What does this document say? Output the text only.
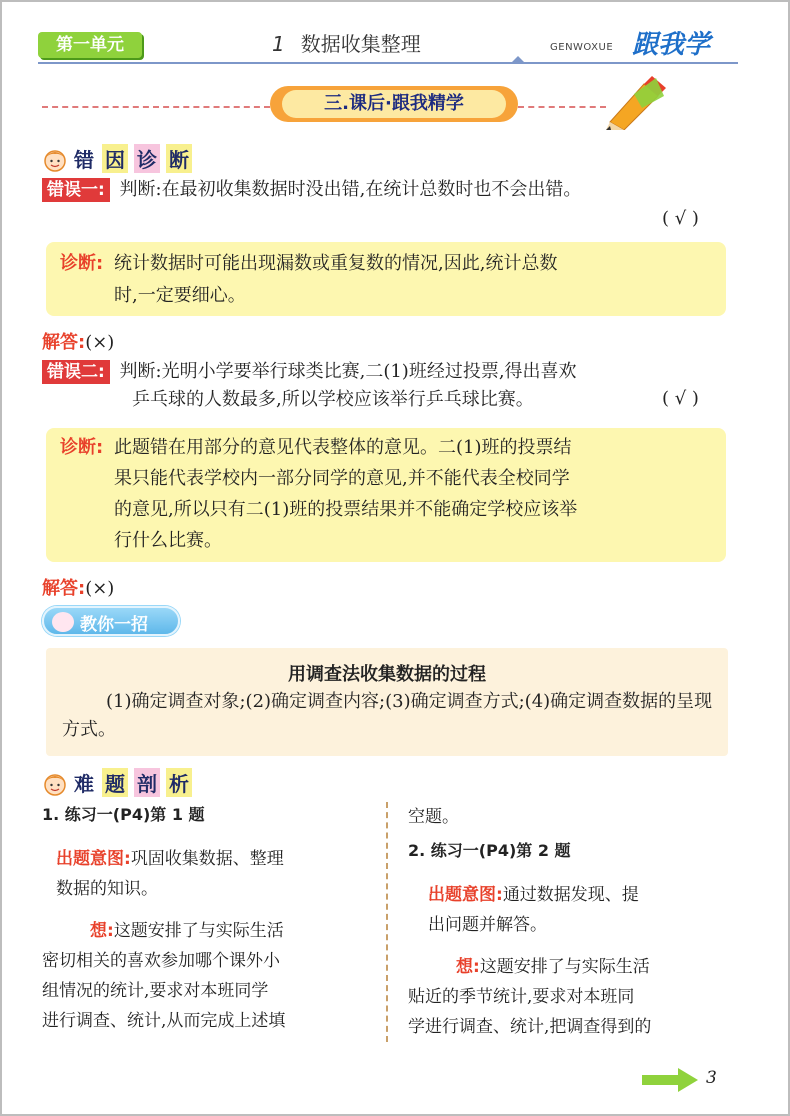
第一单元	1 数据收集整理	GENWOXUE 跟我学
三.课后·跟我精学
错 因 诊 断
错误一: 判断:在最初收集数据时没出错,在统计总数时也不会出错。
( √ )
诊断: 统计数据时可能出现漏数或重复数的情况,因此,统计总数
时,一定要细心。
解答:(×)
错误二: 判断:光明小学要举行球类比赛,二(1)班经过投票,得出喜欢
乒乓球的人数最多,所以学校应该举行乒乓球比赛。	( √ )
诊断: 此题错在用部分的意见代表整体的意见。二(1)班的投票结
果只能代表学校内一部分同学的意见,并不能代表全校同学
的意见,所以只有二(1)班的投票结果并不能确定学校应该举
行什么比赛。
解答:(×)
教你一招
用调查法收集数据的过程
(1)确定调查对象;(2)确定调查内容;(3)确定调查方式;(4)确定调查数据的呈现方式。
难 题 剖 析
1. 练习一(P4)第 1 题
出题意图:巩固收集数据、整理
数据的知识。
想:这题安排了与实际生活
密切相关的喜欢参加哪个课外小
组情况的统计,要求对本班同学
进行调查、统计,从而完成上述填
空题。
2. 练习一(P4)第 2 题
出题意图:通过数据发现、提
出问题并解答。
想:这题安排了与实际生活
贴近的季节统计,要求对本班同
学进行调查、统计,把调查得到的
3
